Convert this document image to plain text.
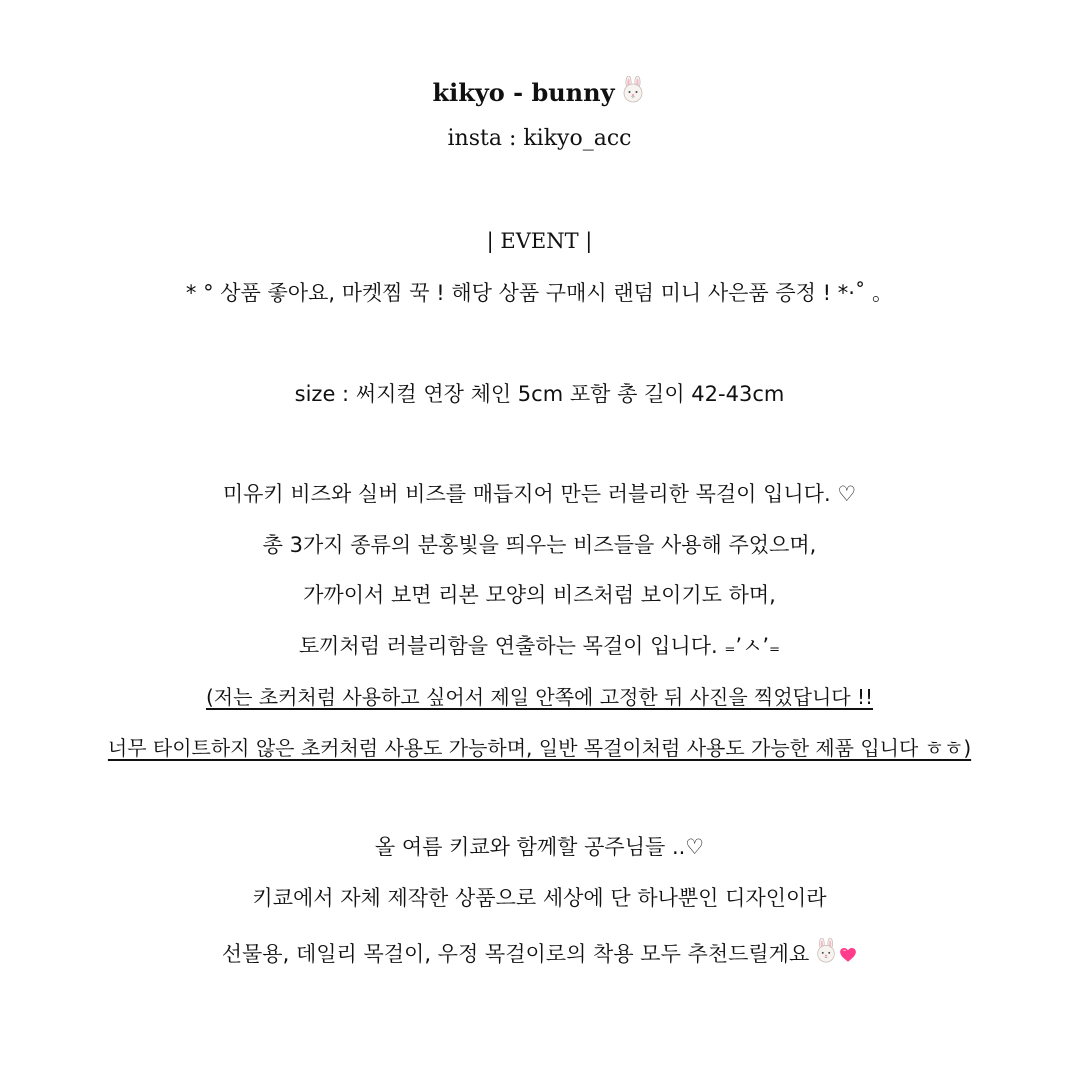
kikyo - bunny
insta : kikyo_acc
| EVENT |
* ° 상품 좋아요, 마켓찜 꾹 ! 해당 상품 구매시 랜덤 미니 사은품 증정 ! *·˚ 。
size : 써지컬 연장 체인 5cm 포함 총 길이 42-43cm
미유키 비즈와 실버 비즈를 매듭지어 만든 러블리한 목걸이 입니다. ♡
총 3가지 종류의 분홍빛을 띄우는 비즈들을 사용해 주었으며,
가까이서 보면 리본 모양의 비즈처럼 보이기도 하며,
토끼처럼 러블리함을 연출하는 목걸이 입니다. ₌’ㅅ’₌
(저는 초커처럼 사용하고 싶어서 제일 안쪽에 고정한 뒤 사진을 찍었답니다 !!
너무 타이트하지 않은 초커처럼 사용도 가능하며, 일반 목걸이처럼 사용도 가능한 제품 입니다 ㅎㅎ)
올 여름 키쿄와 함께할 공주님들 ..♡
키쿄에서 자체 제작한 상품으로 세상에 단 하나뿐인 디자인이라
선물용, 데일리 목걸이, 우정 목걸이로의 착용 모두 추천드릴게요
